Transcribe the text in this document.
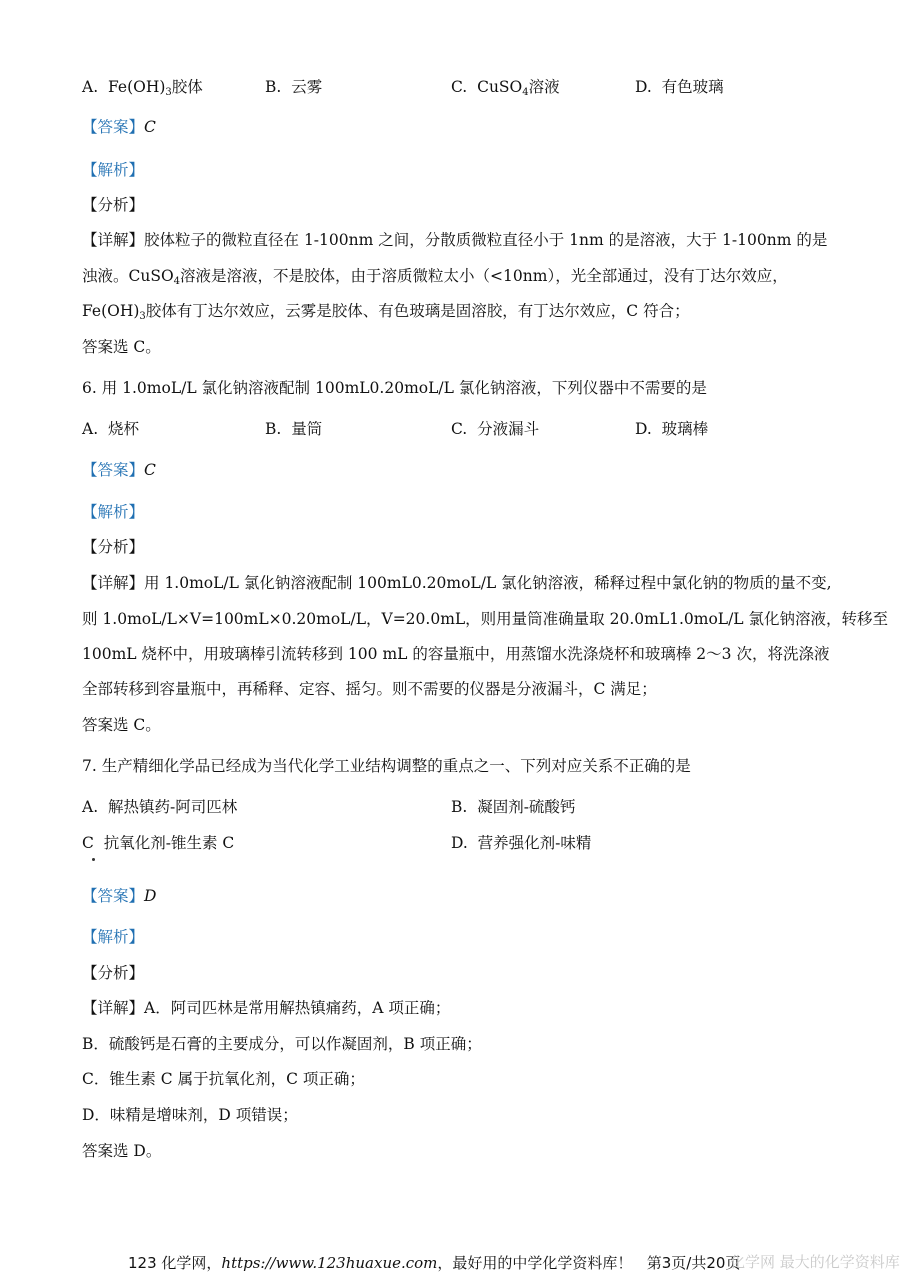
A. $Fe(OH)_3$胶体	B. 云雾	C. CuSO$_4$溶液	D. 有色玻璃
【答案】C
【解析】
【分析】
【详解】胶体粒子的微粒直径在 1-100nm 之间，分散质微粒直径小于 1nm 的是溶液，大于 1-100nm 的是
浊液。CuSO$_4$溶液是溶液，不是胶体，由于溶质微粒太小（<10nm），光全部通过，没有丁达尔效应，
$Fe(OH)_3$胶体有丁达尔效应，云雾是胶体、有色玻璃是固溶胶，有丁达尔效应，C 符合；
答案选 C。
6. 用 1.0moL/L 氯化钠溶液配制 100mL0.20moL/L 氯化钠溶液，下列仪器中不需要的是
A. 烧杯	B. 量筒	C. 分液漏斗	D. 玻璃棒
【答案】C
【解析】
【分析】
【详解】用 1.0moL/L 氯化钠溶液配制 100mL0.20moL/L 氯化钠溶液，稀释过程中氯化钠的物质的量不变,
则 1.0moL/L×V=100mL×0.20moL/L，V=20.0mL，则用量筒准确量取 20.0mL1.0moL/L 氯化钠溶液，转移至
100mL 烧杯中，用玻璃棒引流转移到 100 mL 的容量瓶中，用蒸馏水洗涤烧杯和玻璃棒 2～3 次，将洗涤液
全部转移到容量瓶中，再稀释、定容、摇匀。则不需要的仪器是分液漏斗，C 满足；
答案选 C。
7. 生产精细化学品已经成为当代化学工业结构调整的重点之一、下列对应关系不正确的是
A. 解热镇药-阿司匹林	B. 凝固剂-硫酸钙
C 抗氧化剂-锥生素 C	D. 营养强化剂-味精
【答案】D
【解析】
【分析】
【详解】A．阿司匹林是常用解热镇痛药，A 项正确；
B．硫酸钙是石膏的主要成分，可以作凝固剂，B 项正确；
C．锥生素 C 属于抗氧化剂，C 项正确；
D．味精是增味剂，D 项错误；
答案选 D。
123 化学网，https://www.123huaxue.com，最好用的中学化学资料库！ 第3页/共20页
化学网 最大的化学资料库
